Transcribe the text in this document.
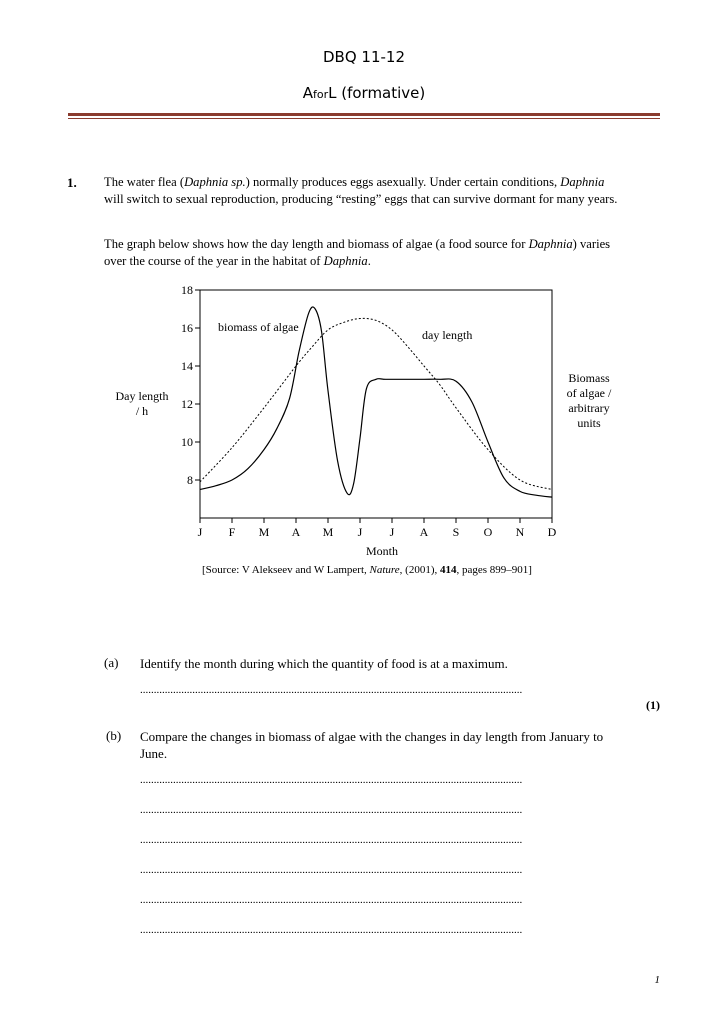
DBQ 11-12
AforL (formative)
1. The water flea (Daphnia sp.) normally produces eggs asexually. Under certain conditions, Daphnia will switch to sexual reproduction, producing “resting” eggs that can survive dormant for many years.
The graph below shows how the day length and biomass of algae (a food source for Daphnia) varies over the course of the year in the habitat of Daphnia.
18
16
14
12
10
8
J F M A M J J A S O N D
biomass of algae
day length
Day length
/ h
Biomass
of algae /
arbitrary
units
Month
[Source: V Alekseev and W Lampert, Nature, (2001), 414, pages 899–901]
(a) Identify the month during which the quantity of food is at a maximum.
...........................................................................................................................................
(1)
(b) Compare the changes in biomass of algae with the changes in day length from January to June.
...........................................................................................................................................
...........................................................................................................................................
...........................................................................................................................................
...........................................................................................................................................
...........................................................................................................................................
...........................................................................................................................................
1
